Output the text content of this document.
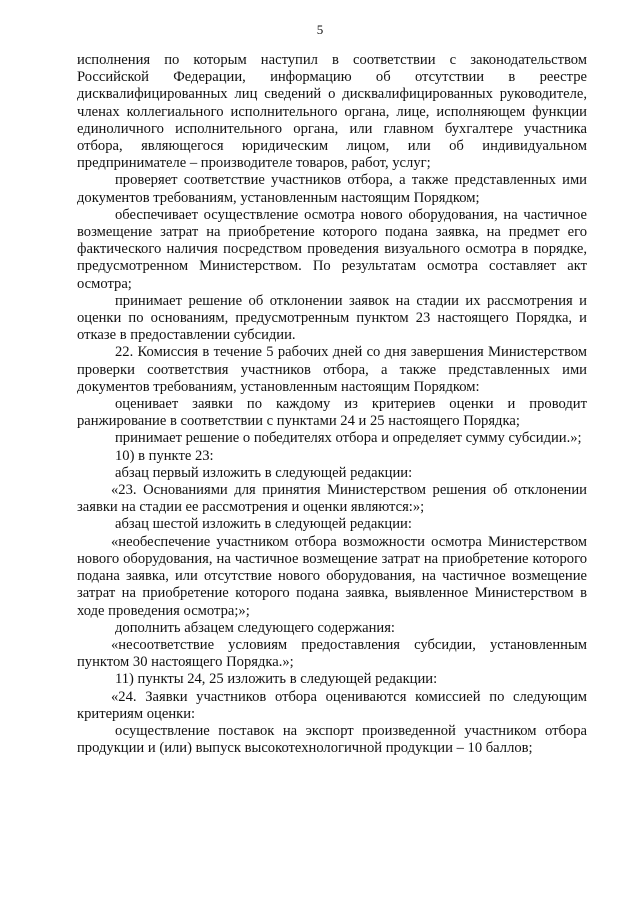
5

исполнения по которым наступил в соответствии с законодательством Российской Федерации, информацию об отсутствии в реестре дисквалифицированных лиц сведений о дисквалифицированных руководителе, членах коллегиального исполнительного органа, лице, исполняющем функции единоличного исполнительного органа, или главном бухгалтере участника отбора, являющегося юридическим лицом, или об индивидуальном предпринимателе – производителе товаров, работ, услуг;

проверяет соответствие участников отбора, а также представленных ими документов требованиям, установленным настоящим Порядком;

обеспечивает осуществление осмотра нового оборудования, на частичное возмещение затрат на приобретение которого подана заявка, на предмет его фактического наличия посредством проведения визуального осмотра в порядке, предусмотренном Министерством. По результатам осмотра составляет акт осмотра;

принимает решение об отклонении заявок на стадии их рассмотрения и оценки по основаниям, предусмотренным пунктом 23 настоящего Порядка, и отказе в предоставлении субсидии.

22. Комиссия в течение 5 рабочих дней со дня завершения Министерством проверки соответствия участников отбора, а также представленных ими документов требованиям, установленным настоящим Порядком:

оценивает заявки по каждому из критериев оценки и проводит ранжирование в соответствии с пунктами 24 и 25 настоящего Порядка;

принимает решение о победителях отбора и определяет сумму субсидии.»;

10) в пункте 23:

абзац первый изложить в следующей редакции:

«23. Основаниями для принятия Министерством решения об отклонении заявки на стадии ее рассмотрения и оценки являются:»;

абзац шестой изложить в следующей редакции:

«необеспечение участником отбора возможности осмотра Министерством нового оборудования, на частичное возмещение затрат на приобретение которого подана заявка, или отсутствие нового оборудования, на частичное возмещение затрат на приобретение которого подана заявка, выявленное Министерством в ходе проведения осмотра;»;

дополнить абзацем следующего содержания:

«несоответствие условиям предоставления субсидии, установленным пунктом 30 настоящего Порядка.»;

11) пункты 24, 25 изложить в следующей редакции:

«24. Заявки участников отбора оцениваются комиссией по следующим критериям оценки:

осуществление поставок на экспорт произведенной участником отбора продукции и (или) выпуск высокотехнологичной продукции – 10 баллов;
